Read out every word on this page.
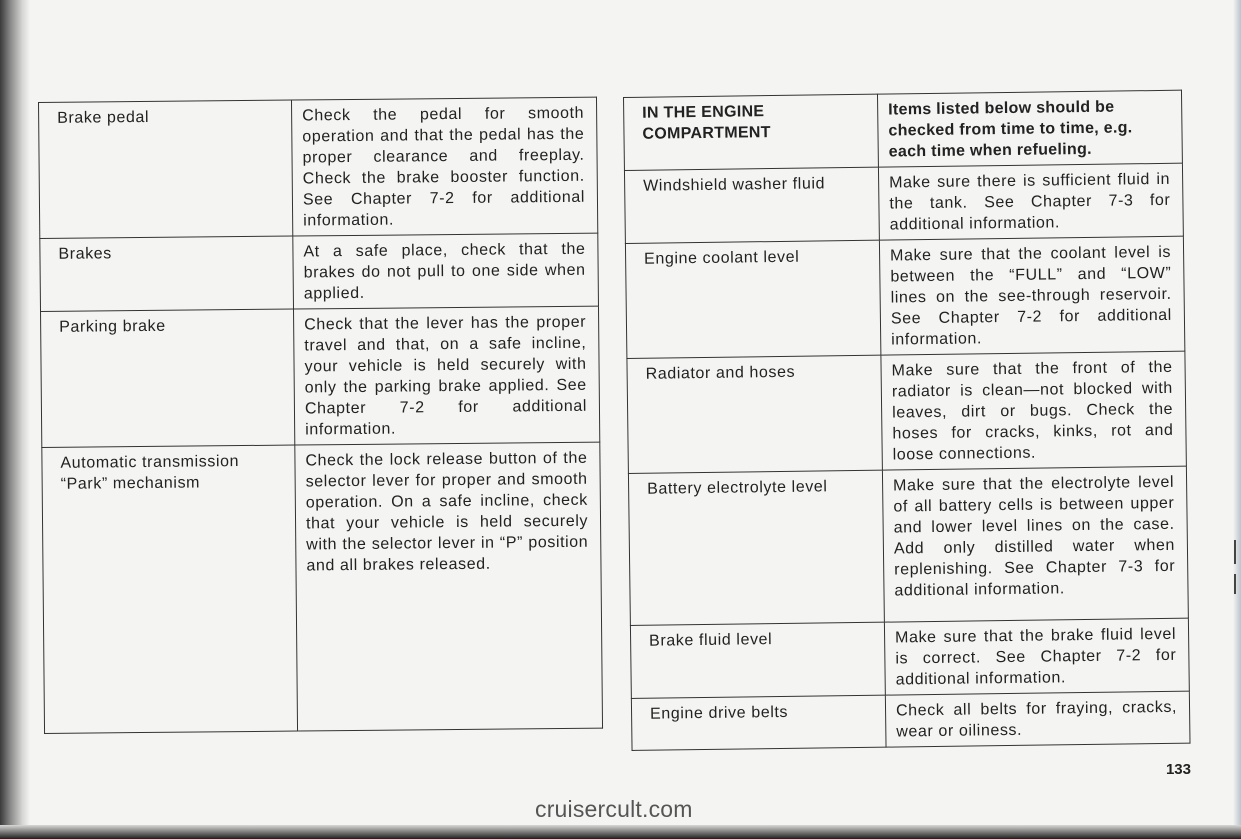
Brake pedal	Check the pedal for smooth operation and that the pedal has the proper clearance and freeplay. Check the brake booster function. See Chapter 7-2 for additional information.
Brakes	At a safe place, check that the brakes do not pull to one side when applied.
Parking brake	Check that the lever has the proper travel and that, on a safe incline, your vehicle is held securely with only the parking brake applied. See Chapter 7-2 for additional information.

Automatic transmission
“Park” mechanism	Check the lock release button of the selector lever for proper and smooth operation. On a safe incline, check that your vehicle is held securely with the selector lever in “P” position and all brakes released.
IN THE ENGINE COMPARTMENT	Items listed below should be checked from time to time, e.g. each time when refueling.
Windshield washer fluid	Make sure there is sufficient fluid in the tank. See Chapter 7-3 for additional information.
Engine coolant level	Make sure that the coolant level is between the “FULL” and “LOW” lines on the see-through reservoir. See Chapter 7-2 for additional information.
Radiator and hoses	Make sure that the front of the radiator is clean—not blocked with leaves, dirt or bugs. Check the hoses for cracks, kinks, rot and loose connections.
Battery electrolyte level	Make sure that the electrolyte level of all battery cells is between upper and lower level lines on the case. Add only distilled water when replenishing. See Chapter 7-3 for additional information.
Brake fluid level	Make sure that the brake fluid level is correct. See Chapter 7-2 for additional information.
Engine drive belts	Check all belts for fraying, cracks, wear or oiliness.
133
cruisercult.com
